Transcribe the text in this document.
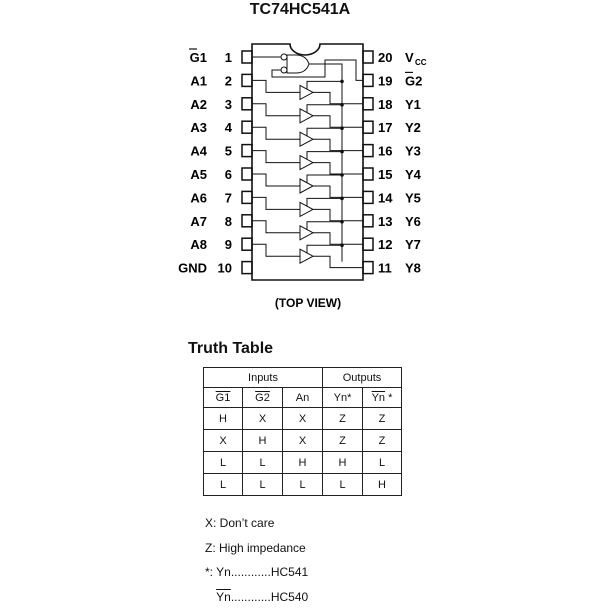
TC74HC541A
1
G1
2
A1
3
A2
4
A3
5
A4
6
A5
7
A6
8
A7
9
A8
10
GND
20 V CC
19 G2
18 Y1
17 Y2
16 Y3
15 Y4
14 Y5
13 Y6
12 Y7
11 Y8
(TOP VIEW)
Truth Table
Inputs			Outputs	
G1	G2	An	Yn*	$\overline{Yn}$ *
H	X	X	Z	Z
X	H	X	Z	Z
L	L	H	H	L
L	L	L	L	H
X: Don’t care
Z: High impedance
*: Yn............HC541
$\overline{Yn}............HC540$
